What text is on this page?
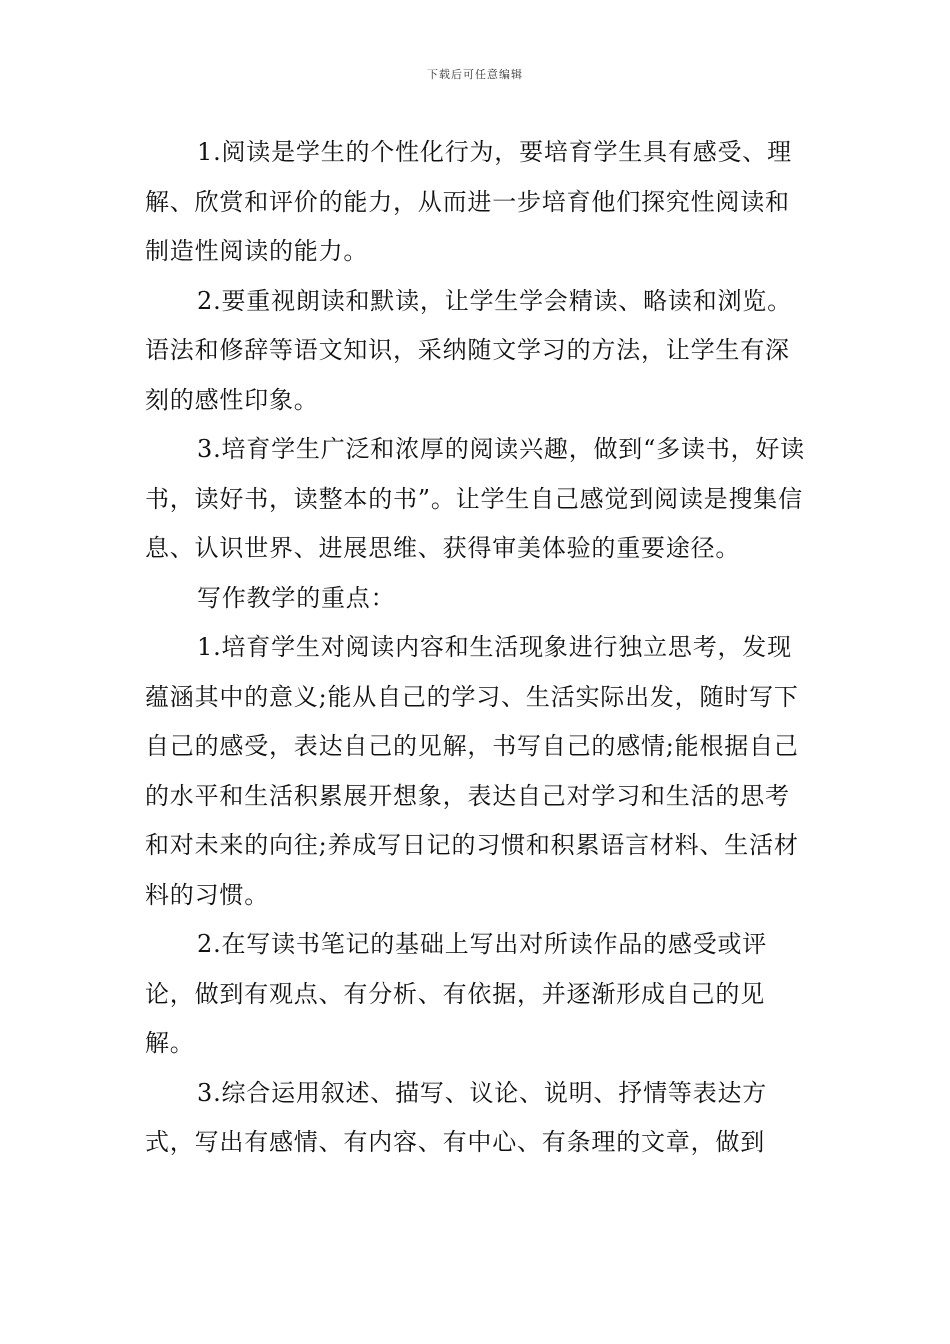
下载后可任意编辑

1.阅读是学生的个性化行为，要培育学生具有感受、理解、欣赏和评价的能力，从而进一步培育他们探究性阅读和制造性阅读的能力。

2.要重视朗读和默读，让学生学会精读、略读和浏览。语法和修辞等语文知识，采纳随文学习的方法，让学生有深刻的感性印象。

3.培育学生广泛和浓厚的阅读兴趣，做到“多读书，好读书，读好书，读整本的书”。让学生自己感觉到阅读是搜集信息、认识世界、进展思维、获得审美体验的重要途径。

写作教学的重点：

1.培育学生对阅读内容和生活现象进行独立思考，发现蕴涵其中的意义;能从自己的学习、生活实际出发，随时写下自己的感受，表达自己的见解，书写自己的感情;能根据自己的水平和生活积累展开想象，表达自己对学习和生活的思考和对未来的向往;养成写日记的习惯和积累语言材料、生活材料的习惯。

2.在写读书笔记的基础上写出对所读作品的感受或评论，做到有观点、有分析、有依据，并逐渐形成自己的见解。

3.综合运用叙述、描写、议论、说明、抒情等表达方式，写出有感情、有内容、有中心、有条理的文章，做到
